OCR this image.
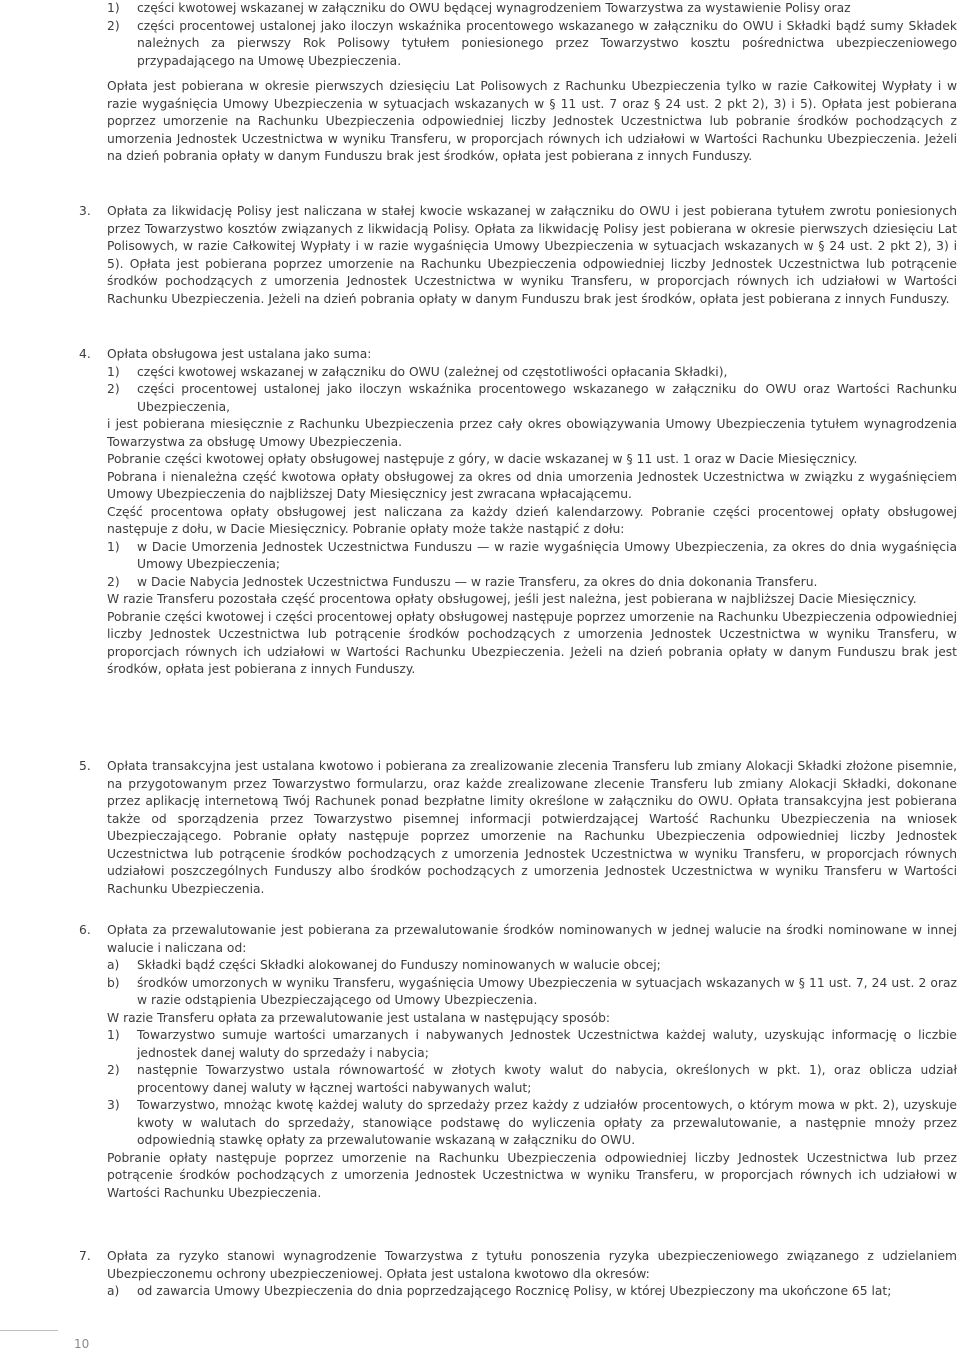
1) części kwotowej wskazanej w załączniku do OWU będącej wynagrodzeniem Towarzystwa za wystawienie Polisy oraz
2) części procentowej ustalonej jako iloczyn wskaźnika procentowego wskazanego w załączniku do OWU i Składki bądź sumy Składek należnych za pierwszy Rok Polisowy tytułem poniesionego przez Towarzystwo kosztu pośrednictwa ubezpieczeniowego przypadającego na Umowę Ubezpieczenia.
Opłata jest pobierana w okresie pierwszych dziesięciu Lat Polisowych z Rachunku Ubezpieczenia tylko w razie Całkowitej Wypłaty i w razie wygaśnięcia Umowy Ubezpieczenia w sytuacjach wskazanych w § 11 ust. 7 oraz § 24 ust. 2 pkt 2), 3) i 5). Opłata jest pobierana poprzez umorzenie na Rachunku Ubezpieczenia odpowiedniej liczby Jednostek Uczestnictwa lub pobranie środków pochodzących z umorzenia Jednostek Uczestnictwa w wyniku Transferu, w proporcjach równych ich udziałowi w Wartości Rachunku Ubezpieczenia. Jeżeli na dzień pobrania opłaty w danym Funduszu brak jest środków, opłata jest pobierana z innych Funduszy.
3. Opłata za likwidację Polisy jest naliczana w stałej kwocie wskazanej w załączniku do OWU i jest pobierana tytułem zwrotu poniesionych przez Towarzystwo kosztów związanych z likwidacją Polisy. Opłata za likwidację Polisy jest pobierana w okresie pierwszych dziesięciu Lat Polisowych, w razie Całkowitej Wypłaty i w razie wygaśnięcia Umowy Ubezpieczenia w sytuacjach wskazanych w § 24 ust. 2 pkt 2), 3) i 5). Opłata jest pobierana poprzez umorzenie na Rachunku Ubezpieczenia odpowiedniej liczby Jednostek Uczestnictwa lub potrącenie środków pochodzących z umorzenia Jednostek Uczestnictwa w wyniku Transferu, w proporcjach równych ich udziałowi w Wartości Rachunku Ubezpieczenia. Jeżeli na dzień pobrania opłaty w danym Funduszu brak jest środków, opłata jest pobierana z innych Funduszy.
4. Opłata obsługowa jest ustalana jako suma:
1) części kwotowej wskazanej w załączniku do OWU (zależnej od częstotliwości opłacania Składki),
2) części procentowej ustalonej jako iloczyn wskaźnika procentowego wskazanego w załączniku do OWU oraz Wartości Rachunku Ubezpieczenia,
i jest pobierana miesięcznie z Rachunku Ubezpieczenia przez cały okres obowiązywania Umowy Ubezpieczenia tytułem wynagrodzenia Towarzystwa za obsługę Umowy Ubezpieczenia.
Pobranie części kwotowej opłaty obsługowej następuje z góry, w dacie wskazanej w § 11 ust. 1 oraz w Dacie Miesięcznicy.
Pobrana i nienależna część kwotowa opłaty obsługowej za okres od dnia umorzenia Jednostek Uczestnictwa w związku z wygaśnięciem Umowy Ubezpieczenia do najbliższej Daty Miesięcznicy jest zwracana wpłacającemu.
Część procentowa opłaty obsługowej jest naliczana za każdy dzień kalendarzowy. Pobranie części procentowej opłaty obsługowej następuje z dołu, w Dacie Miesięcznicy. Pobranie opłaty może także nastąpić z dołu:
1) w Dacie Umorzenia Jednostek Uczestnictwa Funduszu — w razie wygaśnięcia Umowy Ubezpieczenia, za okres do dnia wygaśnięcia Umowy Ubezpieczenia;
2) w Dacie Nabycia Jednostek Uczestnictwa Funduszu — w razie Transferu, za okres do dnia dokonania Transferu.
W razie Transferu pozostała część procentowa opłaty obsługowej, jeśli jest należna, jest pobierana w najbliższej Dacie Miesięcznicy.
Pobranie części kwotowej i części procentowej opłaty obsługowej następuje poprzez umorzenie na Rachunku Ubezpieczenia odpowiedniej liczby Jednostek Uczestnictwa lub potrącenie środków pochodzących z umorzenia Jednostek Uczestnictwa w wyniku Transferu, w proporcjach równych ich udziałowi w Wartości Rachunku Ubezpieczenia. Jeżeli na dzień pobrania opłaty w danym Funduszu brak jest środków, opłata jest pobierana z innych Funduszy.
5. Opłata transakcyjna jest ustalana kwotowo i pobierana za zrealizowanie zlecenia Transferu lub zmiany Alokacji Składki złożone pisemnie, na przygotowanym przez Towarzystwo formularzu, oraz każde zrealizowane zlecenie Transferu lub zmiany Alokacji Składki, dokonane przez aplikację internetową Twój Rachunek ponad bezpłatne limity określone w załączniku do OWU. Opłata transakcyjna jest pobierana także od sporządzenia przez Towarzystwo pisemnej informacji potwierdzającej Wartość Rachunku Ubezpieczenia na wniosek Ubezpieczającego. Pobranie opłaty następuje poprzez umorzenie na Rachunku Ubezpieczenia odpowiedniej liczby Jednostek Uczestnictwa lub potrącenie środków pochodzących z umorzenia Jednostek Uczestnictwa w wyniku Transferu, w proporcjach równych udziałowi poszczególnych Funduszy albo środków pochodzących z umorzenia Jednostek Uczestnictwa w wyniku Transferu w Wartości Rachunku Ubezpieczenia.
6. Opłata za przewalutowanie jest pobierana za przewalutowanie środków nominowanych w jednej walucie na środki nominowane w innej walucie i naliczana od:
a) Składki bądź części Składki alokowanej do Funduszy nominowanych w walucie obcej;
b) środków umorzonych w wyniku Transferu, wygaśnięcia Umowy Ubezpieczenia w sytuacjach wskazanych w § 11 ust. 7, 24 ust. 2 oraz w razie odstąpienia Ubezpieczającego od Umowy Ubezpieczenia.
W razie Transferu opłata za przewalutowanie jest ustalana w następujący sposób:
1) Towarzystwo sumuje wartości umarzanych i nabywanych Jednostek Uczestnictwa każdej waluty, uzyskując informację o liczbie jednostek danej waluty do sprzedaży i nabycia;
2) następnie Towarzystwo ustala równowartość w złotych kwoty walut do nabycia, określonych w pkt. 1), oraz oblicza udział procentowy danej waluty w łącznej wartości nabywanych walut;
3) Towarzystwo, mnożąc kwotę każdej waluty do sprzedaży przez każdy z udziałów procentowych, o którym mowa w pkt. 2), uzyskuje kwoty w walutach do sprzedaży, stanowiące podstawę do wyliczenia opłaty za przewalutowanie, a następnie mnoży przez odpowiednią stawkę opłaty za przewalutowanie wskazaną w załączniku do OWU.
Pobranie opłaty następuje poprzez umorzenie na Rachunku Ubezpieczenia odpowiedniej liczby Jednostek Uczestnictwa lub przez potrącenie środków pochodzących z umorzenia Jednostek Uczestnictwa w wyniku Transferu, w proporcjach równych ich udziałowi w Wartości Rachunku Ubezpieczenia.
7. Opłata za ryzyko stanowi wynagrodzenie Towarzystwa z tytułu ponoszenia ryzyka ubezpieczeniowego związanego z udzielaniem Ubezpieczonemu ochrony ubezpieczeniowej. Opłata jest ustalona kwotowo dla okresów:
a) od zawarcia Umowy Ubezpieczenia do dnia poprzedzającego Rocznicę Polisy, w której Ubezpieczony ma ukończone 65 lat;
10
